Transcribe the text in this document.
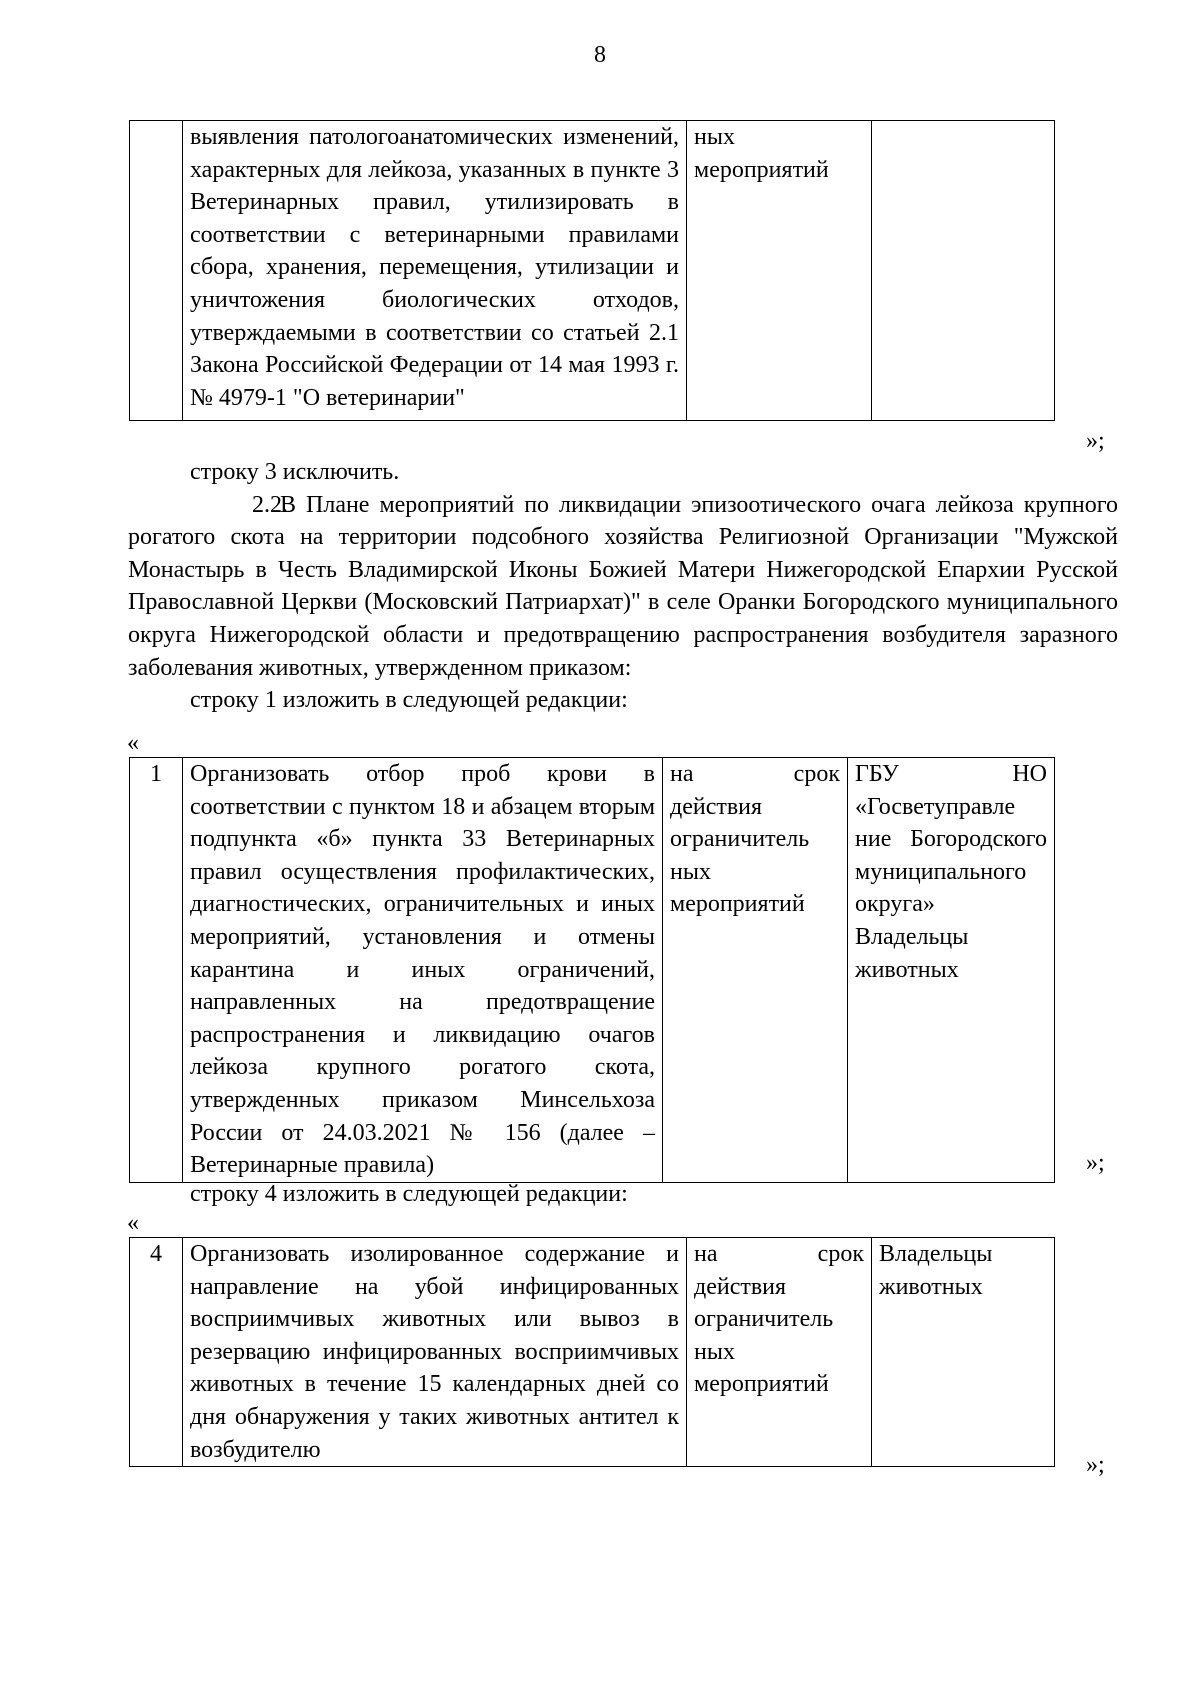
8
	выявления патологоанатомических изменений, характерных для лейкоза, указанных в пункте 3 Ветеринарных правил, утилизировать в соответствии с ветеринарными правилами сбора, хранения, перемещения, утилизации и уничтожения биологических отходов, утверждаемыми в соответствии со статьей 2.1 Закона Российской Федерации от 14 мая 1993 г. № 4979-1 "О ветеринарии"	ных мероприятий	
»;
строку 3 исключить.

2.2.В Плане мероприятий по ликвидации эпизоотического очага лейкоза крупного рогатого скота на территории подсобного хозяйства Религиозной Организации "Мужской Монастырь в Честь Владимирской Иконы Божией Матери Нижегородской Епархии Русской Православной Церкви (Московский Патриархат)" в селе Оранки Богородского муниципального округа Нижегородской области и предотвращению распространения возбудителя заразного заболевания животных, утвержденном приказом:

строку 1 изложить в следующей редакции:
«
1	Организовать отбор проб крови в соответствии с пунктом 18 и абзацем вторым подпункта «б» пункта 33 Ветеринарных правил осуществления профилактических, диагностических, ограничительных и иных мероприятий, установления и отмены карантина и иных ограничений, направленных на предотвращение распространения и ликвидацию очагов лейкоза крупного рогатого скота, утвержденных приказом Минсельхоза России от 24.03.2021 № 156 (далее – Ветеринарные правила)	на срок действия ограничитель ных мероприятий	ГБУ НО «Госветуправле ние Богородского муниципального округа» Владельцы животных
»;
строку 4 изложить в следующей редакции:
«
4	Организовать изолированное содержание и направление на убой инфицированных восприимчивых животных или вывоз в резервацию инфицированных восприимчивых животных в течение 15 календарных дней со дня обнаружения у таких животных антител к возбудителю	на срок действия ограничитель ных мероприятий	Владельцы животных
»;
